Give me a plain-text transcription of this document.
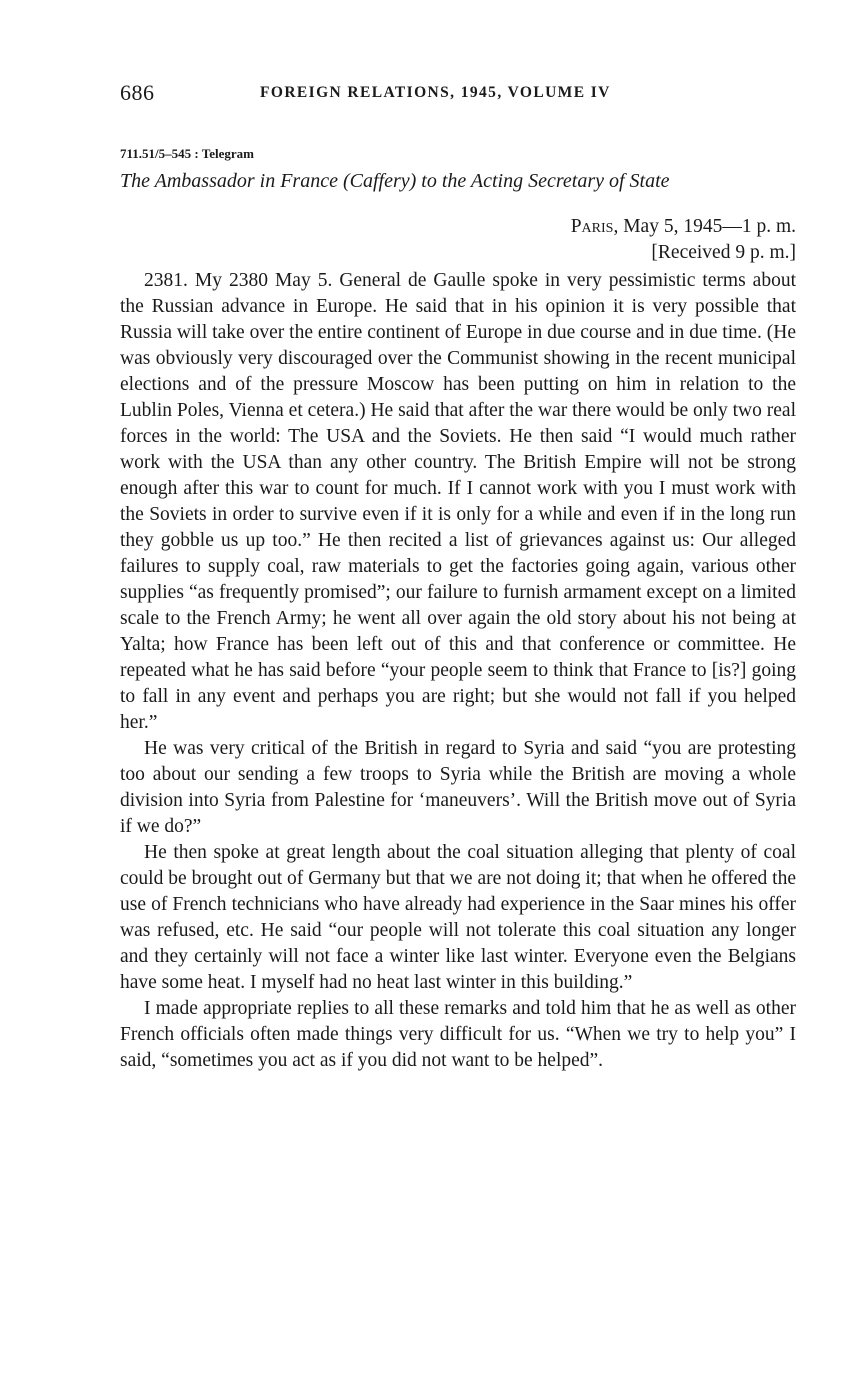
686	FOREIGN RELATIONS, 1945, VOLUME IV
711.51/5–545 : Telegram
The Ambassador in France (Caffery) to the Acting Secretary of State
Paris, May 5, 1945—1 p. m.
[Received 9 p. m.]

2381. My 2380 May 5. General de Gaulle spoke in very pessimistic terms about the Russian advance in Europe. He said that in his opinion it is very possible that Russia will take over the entire continent of Europe in due course and in due time. (He was obviously very discouraged over the Communist showing in the recent municipal elections and of the pressure Moscow has been putting on him in relation to the Lublin Poles, Vienna et cetera.) He said that after the war there would be only two real forces in the world: The USA and the Soviets. He then said “I would much rather work with the USA than any other country. The British Empire will not be strong enough after this war to count for much. If I cannot work with you I must work with the Soviets in order to survive even if it is only for a while and even if in the long run they gobble us up too.” He then recited a list of grievances against us: Our alleged failures to supply coal, raw materials to get the factories going again, various other supplies “as frequently promised”; our failure to furnish armament except on a limited scale to the French Army; he went all over again the old story about his not being at Yalta; how France has been left out of this and that conference or committee. He repeated what he has said before “your people seem to think that France to [is?] going to fall in any event and perhaps you are right; but she would not fall if you helped her.”

He was very critical of the British in regard to Syria and said “you are protesting too about our sending a few troops to Syria while the British are moving a whole division into Syria from Palestine for ‘maneuvers’. Will the British move out of Syria if we do?”

He then spoke at great length about the coal situation alleging that plenty of coal could be brought out of Germany but that we are not doing it; that when he offered the use of French technicians who have already had experience in the Saar mines his offer was refused, etc. He said “our people will not tolerate this coal situation any longer and they certainly will not face a winter like last winter. Everyone even the Belgians have some heat. I myself had no heat last winter in this building.”

I made appropriate replies to all these remarks and told him that he as well as other French officials often made things very difficult for us. “When we try to help you” I said, “sometimes you act as if you did not want to be helped”.
